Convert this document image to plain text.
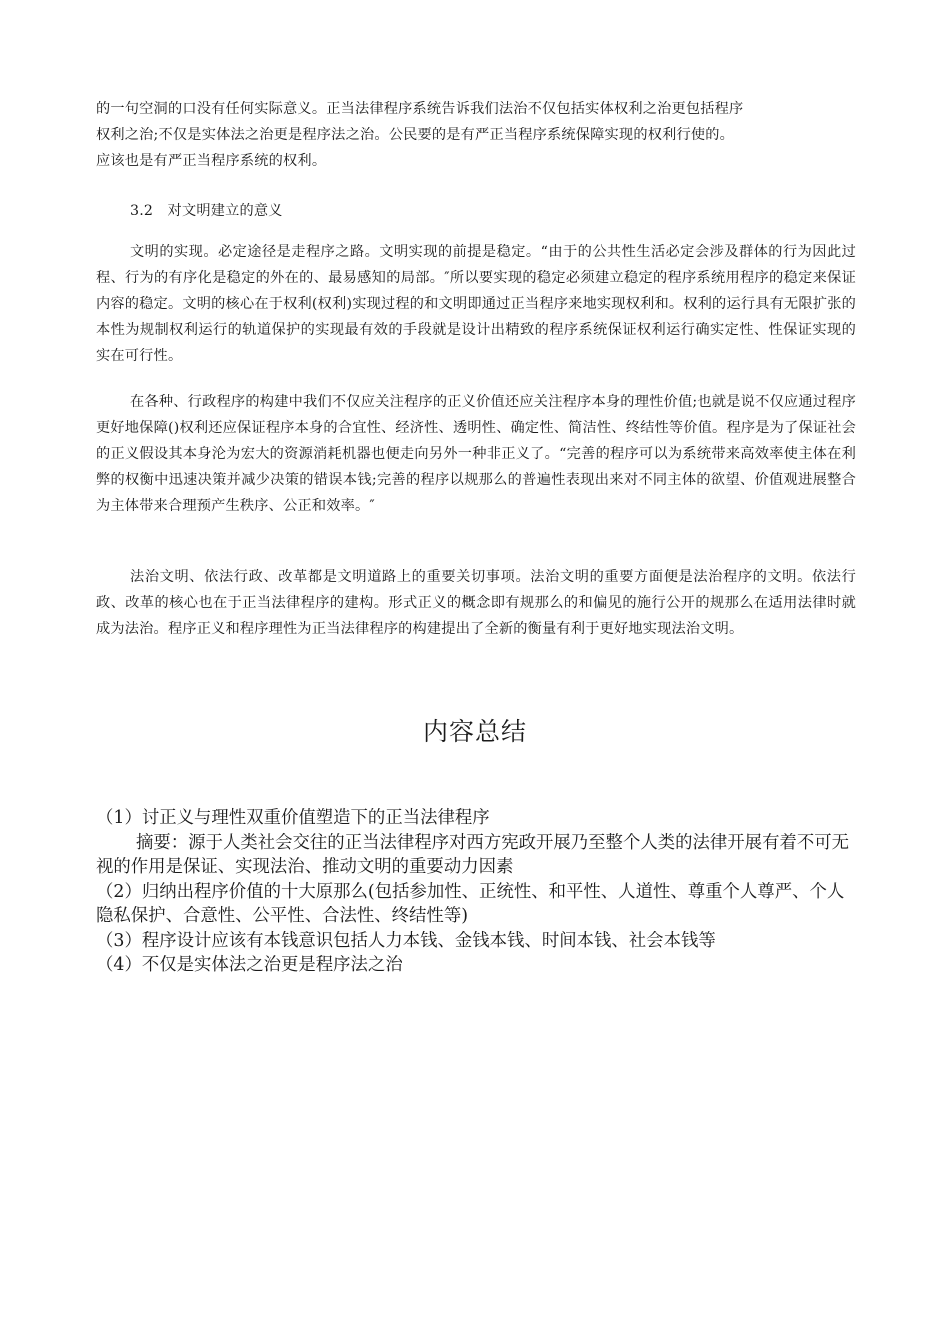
的一句空洞的口没有任何实际意义。正当法律程序系统告诉我们法治不仅包括实体权利之治更包括程序
权利之治;不仅是实体法之治更是程序法之治。公民要的是有严正当程序系统保障实现的权利行使的。
应该也是有严正当程序系统的权利。

3.2　对文明建立的意义

文明的实现。必定途径是走程序之路。文明实现的前提是稳定。“由于的公共性生活必定会涉及群体的行为因此过程、行为的有序化是稳定的外在的、最易感知的局部。″所以要实现的稳定必须建立稳定的程序系统用程序的稳定来保证内容的稳定。文明的核心在于权利(权利)实现过程的和文明即通过正当程序来地实现权利和。权利的运行具有无限扩张的本性为规制权利运行的轨道保护的实现最有效的手段就是设计出精致的程序系统保证权利运行确实定性、性保证实现的实在可行性。

在各种、行政程序的构建中我们不仅应关注程序的正义价值还应关注程序本身的理性价值;也就是说不仅应通过程序更好地保障()权利还应保证程序本身的合宜性、经济性、透明性、确定性、简洁性、终结性等价值。程序是为了保证社会的正义假设其本身沦为宏大的资源消耗机器也便走向另外一种非正义了。“完善的程序可以为系统带来高效率使主体在利弊的权衡中迅速决策并减少决策的错误本钱;完善的程序以规那么的普遍性表现出来对不同主体的欲望、价值观进展整合为主体带来合理预产生秩序、公正和效率。″

法治文明、依法行政、改革都是文明道路上的重要关切事项。法治文明的重要方面便是法治程序的文明。依法行政、改革的核心也在于正当法律程序的建构。形式正义的概念即有规那么的和偏见的施行公开的规那么在适用法律时就成为法治。程序正义和程序理性为正当法律程序的构建提出了全新的衡量有利于更好地实现法治文明。

内容总结

（1）讨正义与理性双重价值塑造下的正当法律程序

摘要：源于人类社会交往的正当法律程序对西方宪政开展乃至整个人类的法律开展有着不可无视的作用是保证、实现法治、推动文明的重要动力因素

（2）归纳出程序价值的十大原那么(包括参加性、正统性、和平性、人道性、尊重个人尊严、个人隐私保护、合意性、公平性、合法性、终结性等)

（3）程序设计应该有本钱意识包括人力本钱、金钱本钱、时间本钱、社会本钱等

（4）不仅是实体法之治更是程序法之治
